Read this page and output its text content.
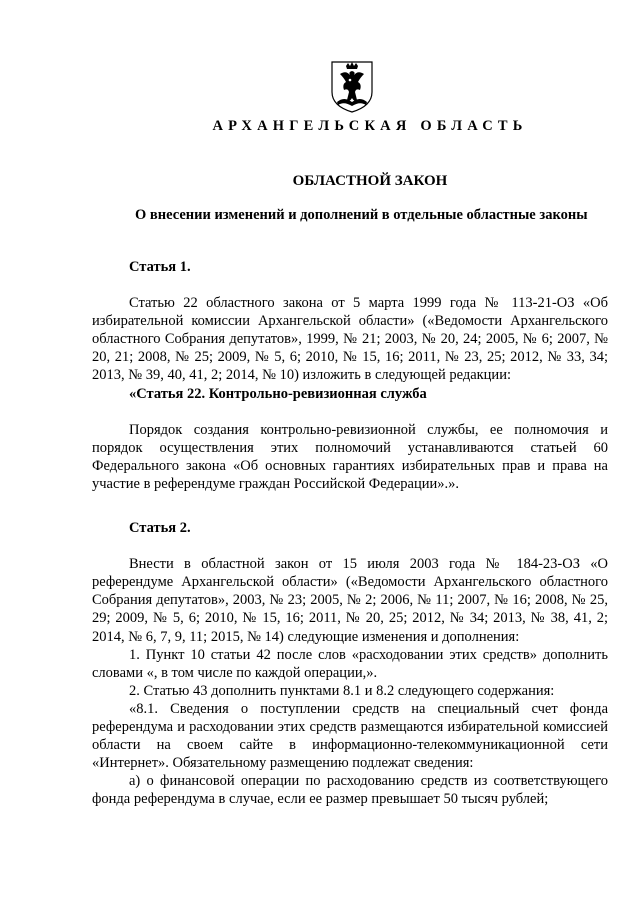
АРХАНГЕЛЬСКАЯ ОБЛАСТЬ
ОБЛАСТНОЙ ЗАКОН
О внесении изменений и дополнений в отдельные областные законы
Статья 1.

Статью 22 областного закона от 5 марта 1999 года № 113-21-ОЗ «Об избирательной комиссии Архангельской области» («Ведомости Архангельского областного Собрания депутатов», 1999, № 21; 2003, № 20, 24; 2005, № 6; 2007, № 20, 21; 2008, № 25; 2009, № 5, 6; 2010, № 15, 16; 2011, № 23, 25; 2012, № 33, 34; 2013, № 39, 40, 41, 2; 2014, № 10) изложить в следующей редакции:

«Статья 22. Контрольно-ревизионная служба

Порядок создания контрольно-ревизионной службы, ее полномочия и порядок осуществления этих полномочий устанавливаются статьей 60 Федерального закона «Об основных гарантиях избирательных прав и права на участие в референдуме граждан Российской Федерации».».

Статья 2.

Внести в областной закон от 15 июля 2003 года № 184-23-ОЗ «О референдуме Архангельской области» («Ведомости Архангельского областного Собрания депутатов», 2003, № 23; 2005, № 2; 2006, № 11; 2007, № 16; 2008, № 25, 29; 2009, № 5, 6; 2010, № 15, 16; 2011, № 20, 25; 2012, № 34; 2013, № 38, 41, 2; 2014, № 6, 7, 9, 11; 2015, № 14) следующие изменения и дополнения:

1. Пункт 10 статьи 42 после слов «расходовании этих средств» дополнить словами «, в том числе по каждой операции,».

2. Статью 43 дополнить пунктами 8.1 и 8.2 следующего содержания:

«8.1. Сведения о поступлении средств на специальный счет фонда референдума и расходовании этих средств размещаются избирательной комиссией области на своем сайте в информационно-телекоммуникационной сети «Интернет». Обязательному размещению подлежат сведения:

а) о финансовой операции по расходованию средств из соответствующего фонда референдума в случае, если ее размер превышает 50 тысяч рублей;
